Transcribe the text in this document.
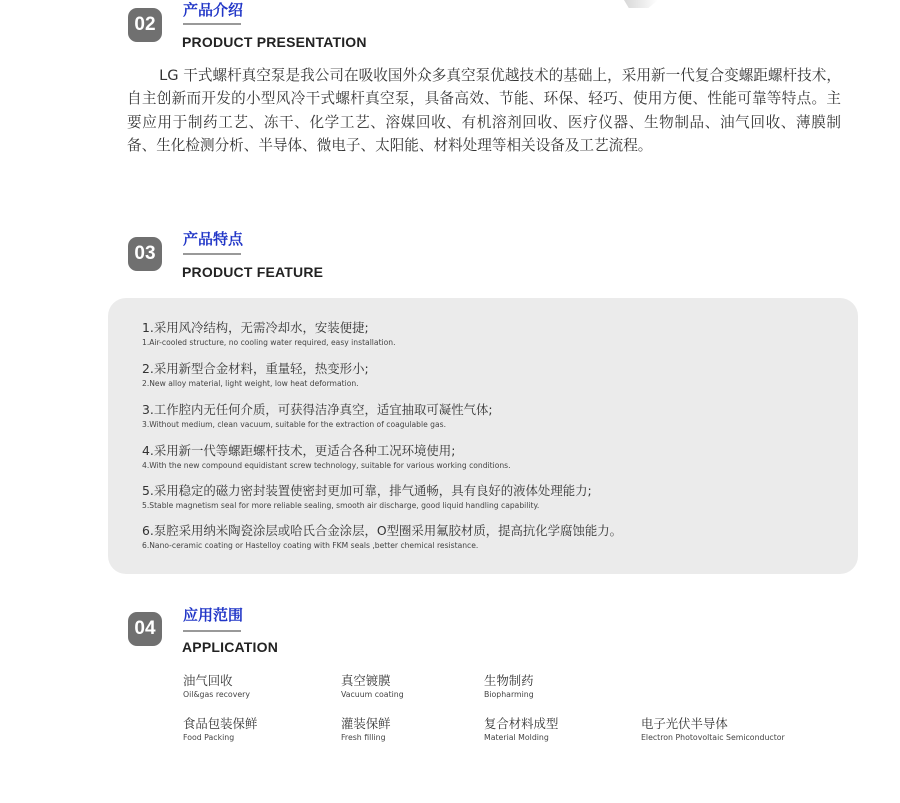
02
产品介绍
PRODUCT PRESENTATION

LG 干式螺杆真空泵是我公司在吸收国外众多真空泵优越技术的基础上，采用新一代复合变螺距螺杆技术，自主创新而开发的小型风冷干式螺杆真空泵，具备高效、节能、环保、轻巧、使用方便、性能可靠等特点。主要应用于制药工艺、冻干、化学工艺、溶媒回收、有机溶剂回收、医疗仪器、生物制品、油气回收、薄膜制备、生化检测分析、半导体、微电子、太阳能、材料处理等相关设备及工艺流程。

03
产品特点
PRODUCT FEATURE
1.采用风冷结构，无需冷却水，安装便捷;
1.Air-cooled structure, no cooling water required, easy installation.
2.采用新型合金材料，重量轻，热变形小;
2.New alloy material, light weight, low heat deformation.
3.工作腔内无任何介质，可获得洁净真空，适宜抽取可凝性气体;
3.Without medium, clean vacuum, suitable for the extraction of coagulable gas.
4.采用新一代等螺距螺杆技术，更适合各种工况环境使用;
4.With the new compound equidistant screw technology, suitable for various working conditions.
5.采用稳定的磁力密封装置使密封更加可靠，排气通畅，具有良好的液体处理能力;
5.Stable magnetism seal for more reliable sealing, smooth air discharge, good liquid handling capability.
6.泵腔采用纳米陶瓷涂层或哈氏合金涂层，O型圈采用氟胶材质，提高抗化学腐蚀能力。
6.Nano-ceramic coating or Hastelloy coating with FKM seals ,better chemical resistance.
04
应用范围
APPLICATION
油气回收
Oil&gas recovery
真空镀膜
Vacuum coating
生物制药
Biopharming
食品包装保鲜
Food Packing
灌装保鲜
Fresh filling
复合材料成型
Material Molding
电子光伏半导体
Electron Photovoltaic Semiconductor
